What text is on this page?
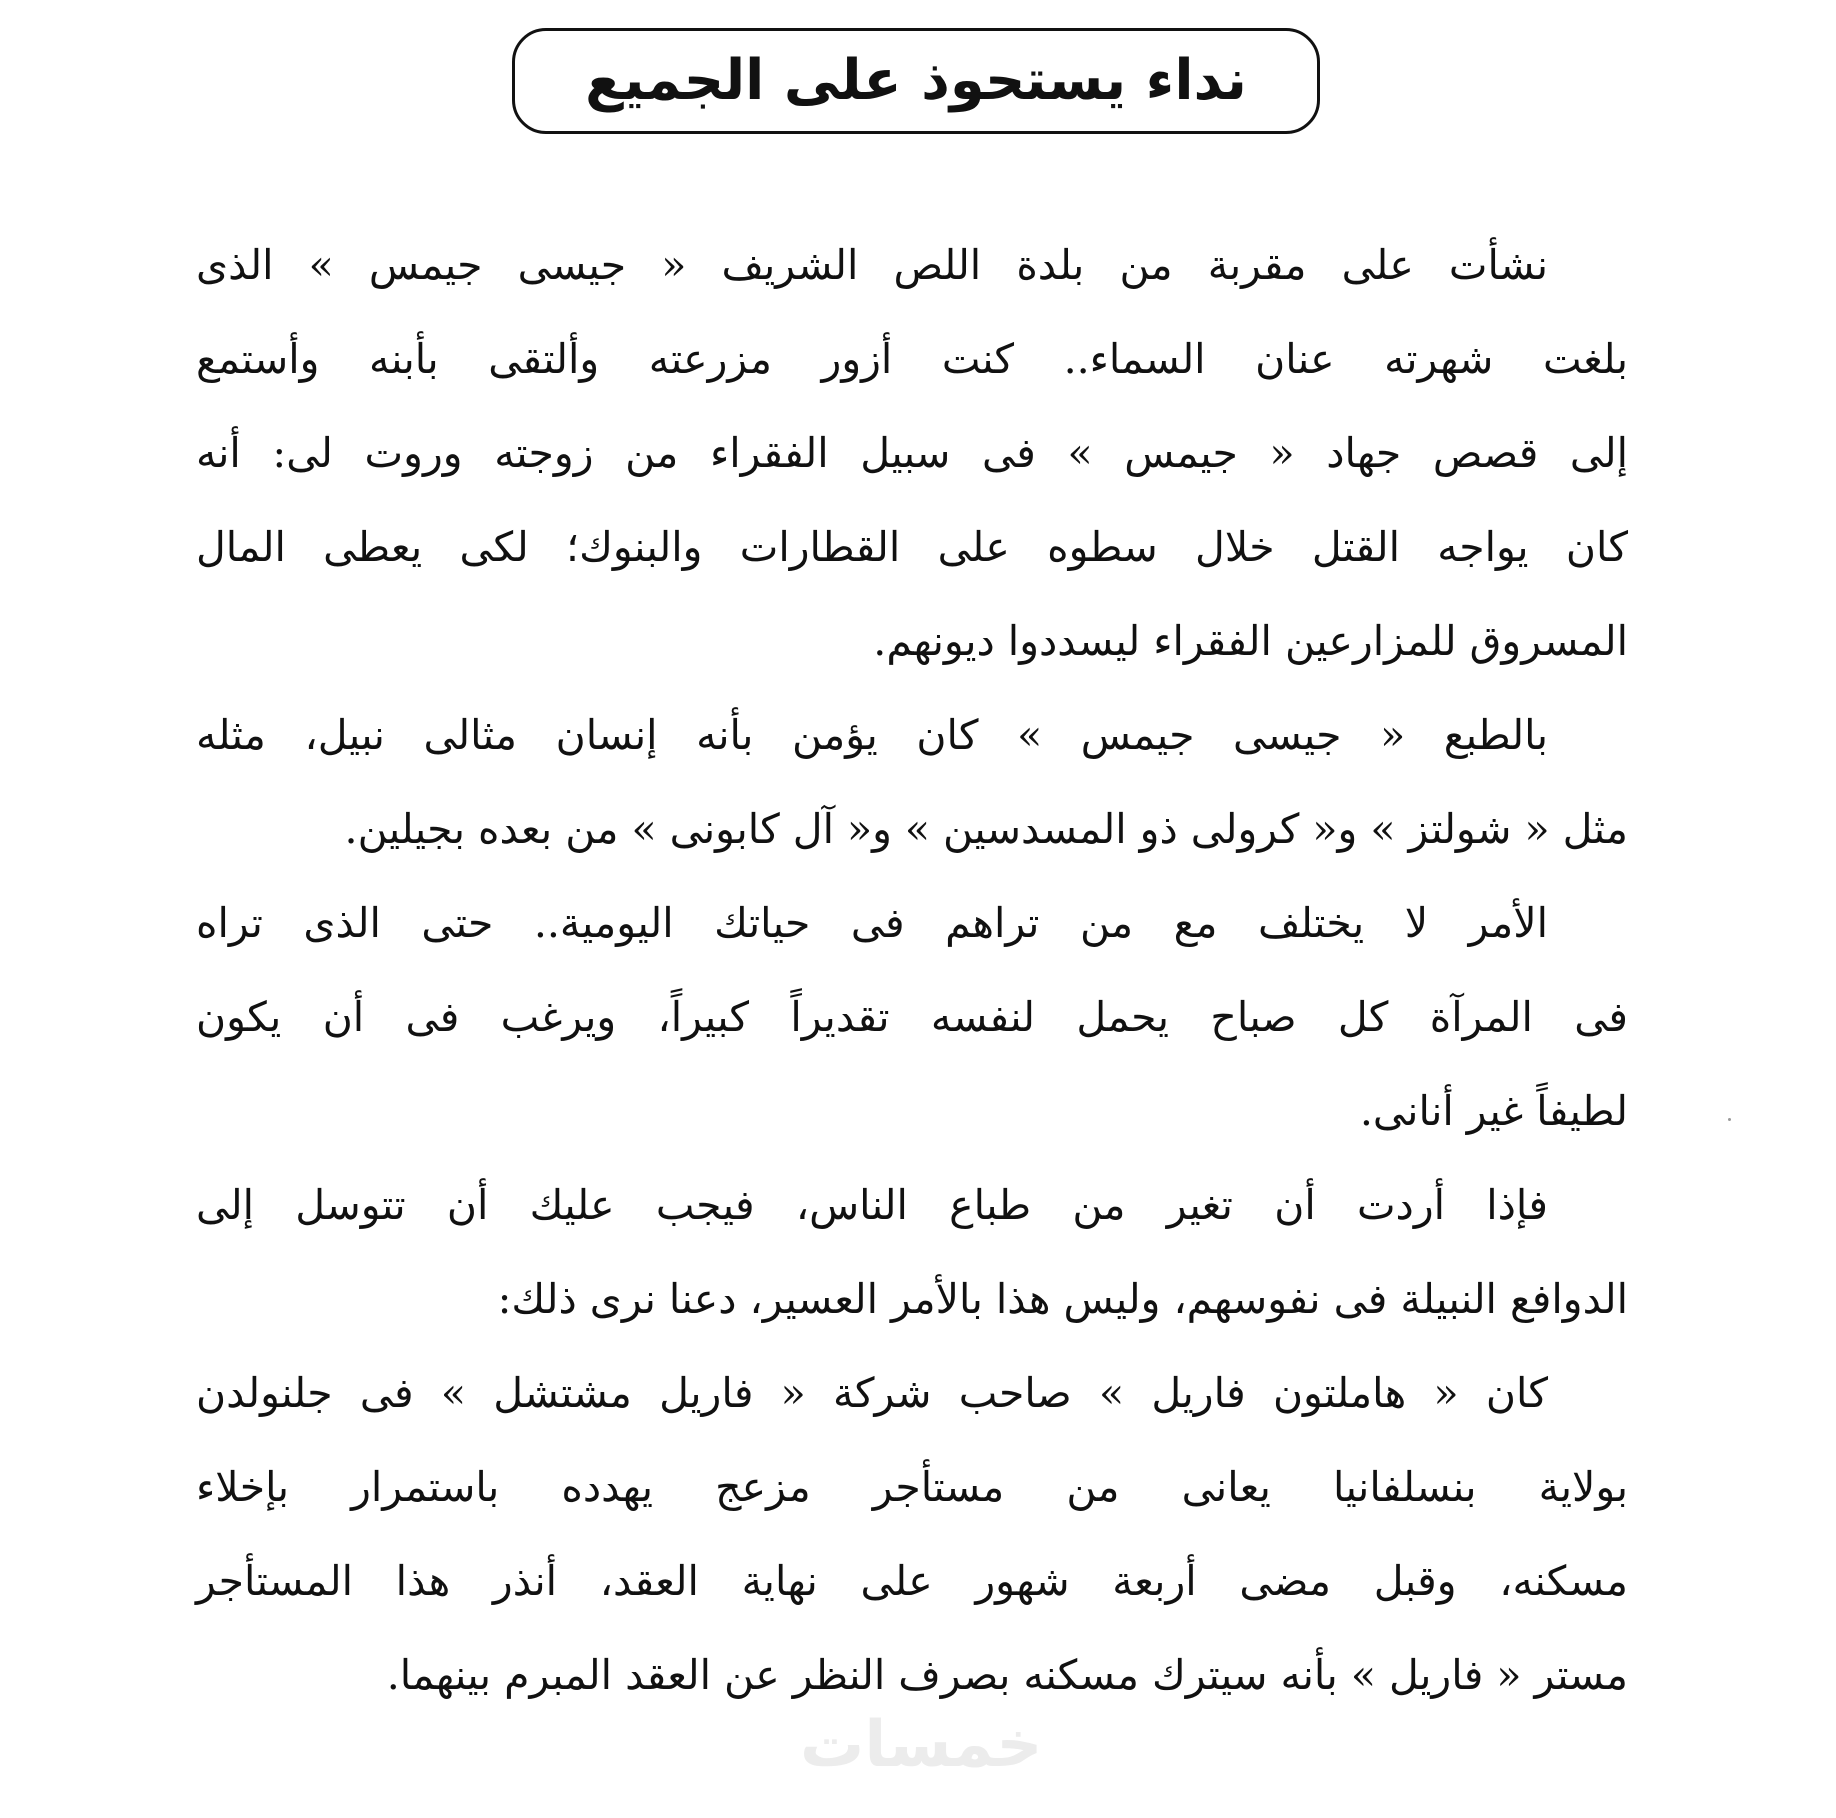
نداء يستحوذ على الجميع

نشأت على مقربة من بلدة اللص الشريف « جيسى جيمس » الذى
بلغت شهرته عنان السماء.. كنت أزور مزرعته وألتقى بأبنه وأستمع
إلى قصص جهاد « جيمس » فى سبيل الفقراء من زوجته وروت لى: أنه
كان يواجه القتل خلال سطوه على القطارات والبنوك؛ لكى يعطى المال
المسروق للمزارعين الفقراء ليسددوا ديونهم.

بالطبع « جيسى جيمس » كان يؤمن بأنه إنسان مثالى نبيل، مثله
مثل « شولتز » و« كرولى ذو المسدسين » و« آل كابونى » من بعده بجيلين.

الأمر لا يختلف مع من تراهم فى حياتك اليومية.. حتى الذى تراه
فى المرآة كل صباح يحمل لنفسه تقديراً كبيراً، ويرغب فى أن يكون
لطيفاً غير أنانى.

فإذا أردت أن تغير من طباع الناس، فيجب عليك أن تتوسل إلى
الدوافع النبيلة فى نفوسهم، وليس هذا بالأمر العسير، دعنا نرى ذلك:

كان « هاملتون فاريل » صاحب شركة « فاريل مشتشل » فى جلنولدن
بولاية بنسلفانيا يعانى من مستأجر مزعج يهدده باستمرار بإخلاء
مسكنه، وقبل مضى أربعة شهور على نهاية العقد، أنذر هذا المستأجر
مستر « فاريل » بأنه سيترك مسكنه بصرف النظر عن العقد المبرم بينهما.

خمسات
